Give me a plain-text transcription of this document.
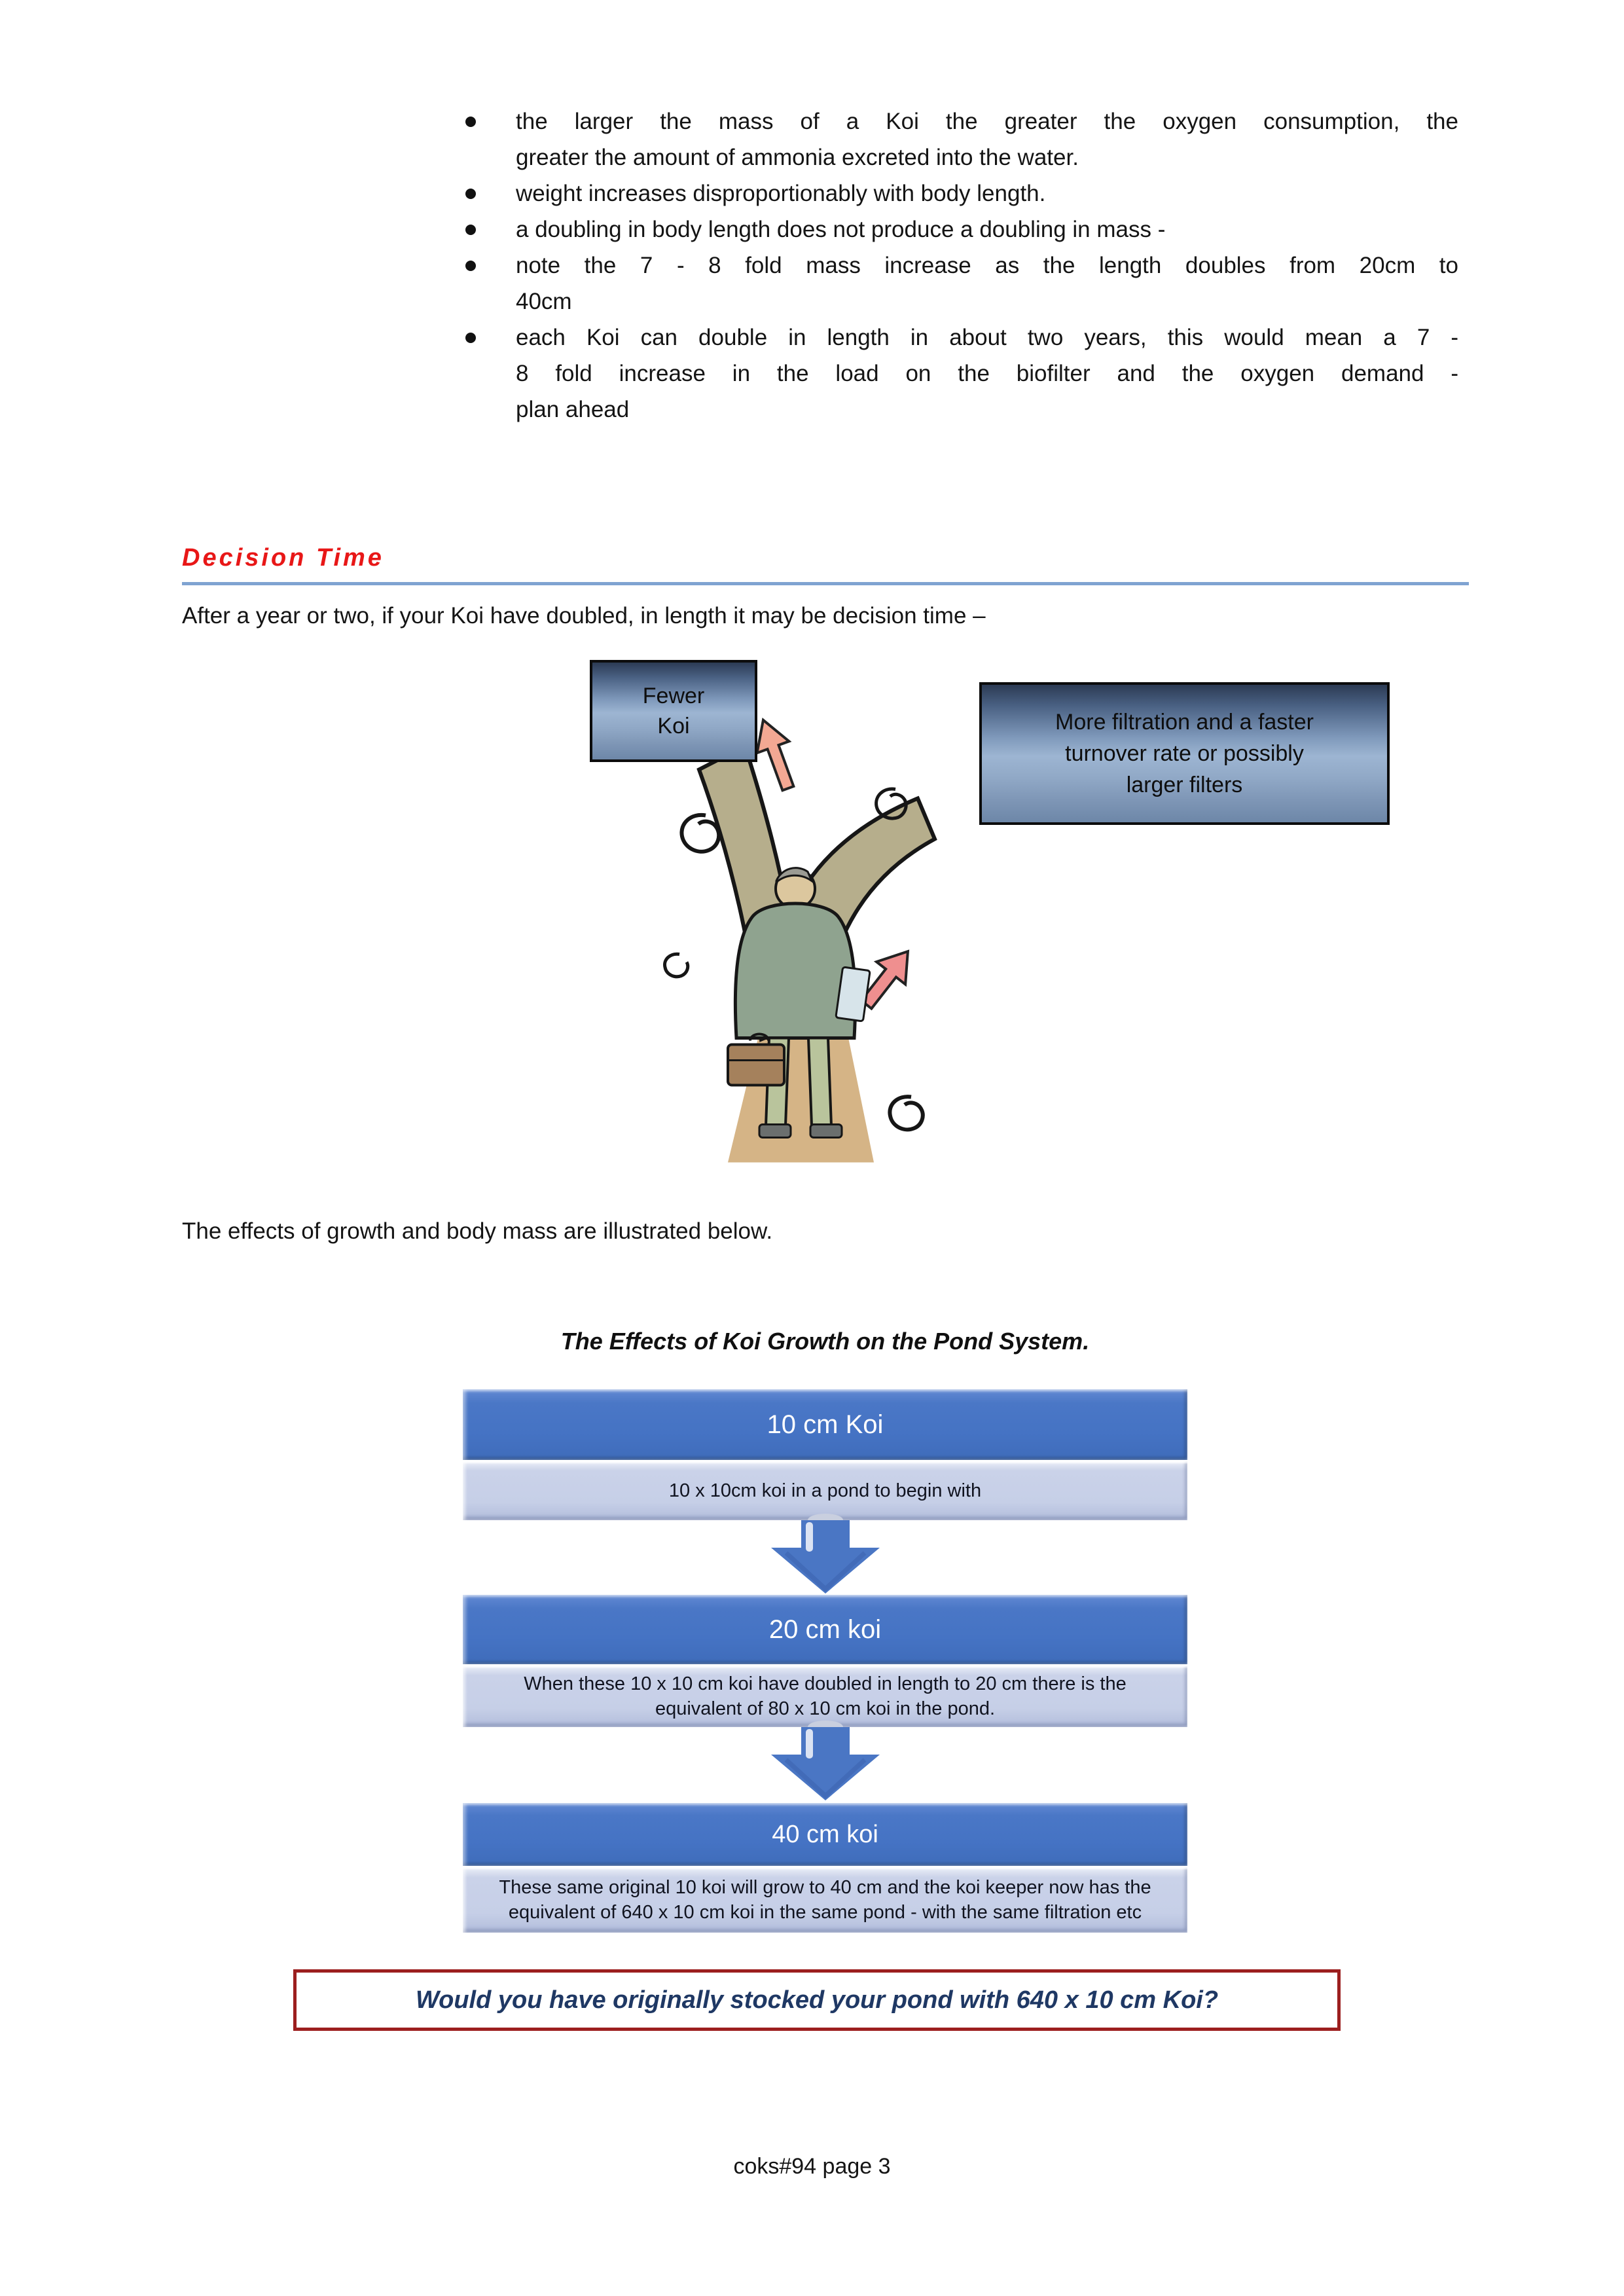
the larger the mass of a Koi the greater the oxygen consumption, the
greater the amount of ammonia excreted into the water.
weight increases disproportionably with body length.
a doubling in body length does not produce a doubling in mass -
note the 7 - 8 fold mass increase as the length doubles from 20cm to
40cm
each Koi can double in length in about two years, this would mean a 7 -
8 fold increase in the load on the biofilter and the oxygen demand -
plan ahead
Decision Time
After a year or two, if your Koi have doubled, in length it may be decision time –
Fewer
Koi	More filtration and a faster
turnover rate or possibly
larger filters
The effects of growth and body mass are illustrated below.
The Effects of Koi Growth on the Pond System.
10 cm Koi
10 x 10cm koi in a pond to begin with
20 cm koi
When these 10 x 10 cm koi have doubled in length to 20 cm there is the
equivalent of 80 x 10 cm koi in the pond.
40 cm koi
These same original 10 koi will grow to 40 cm and the koi keeper now has the
equivalent of 640 x 10 cm koi in the same pond - with the same filtration etc
Would you have originally stocked your pond with 640 x 10 cm Koi?
coks#94 page 3
